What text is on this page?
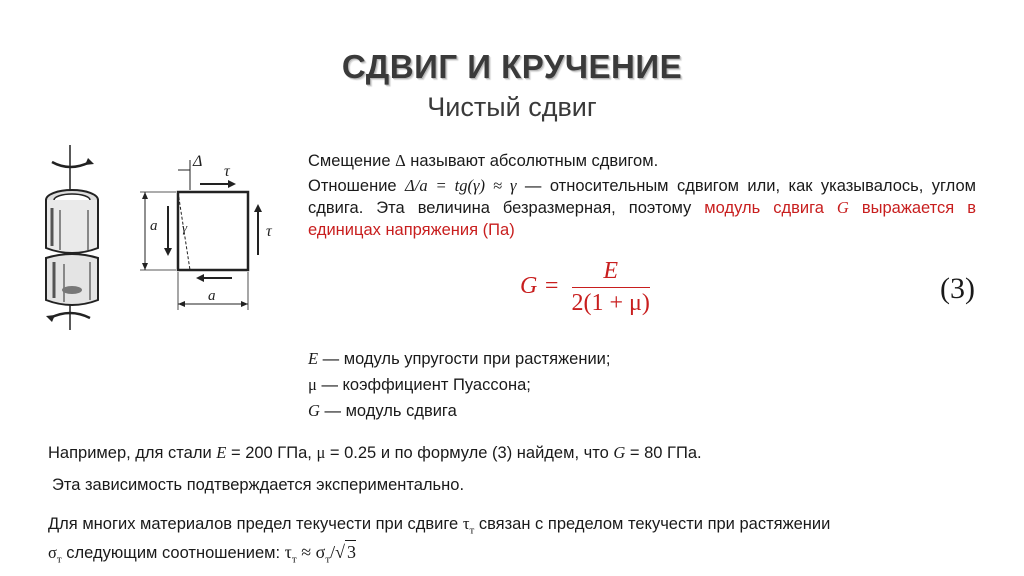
СДВИГ И КРУЧЕНИЕ
Чистый сдвиг
Δ
τ
τ
a
a
γ
Смещение Δ называют абсолютным сдвигом.
Отношение Δ/a = tg(γ) ≈ γ — относительным сдвигом или, как указывалось, углом сдвига. Эта величина безразмерная, поэтому модуль сдвига G выражается в единицах напряжения (Па)
$G = \frac{E}{2(1 + \mu)}$	(3)
E — модуль упругости при растяжении;
μ — коэффициент Пуассона;
G — модуль сдвига
Например, для стали E = 200 ГПа, μ = 0.25 и по формуле (3) найдем, что G = 80 ГПа.
Эта зависимость подтверждается экспериментально.
Для многих материалов предел текучести при сдвиге $\tau_т$ связан с пределом текучести при растяжении
$\sigma_т$ следующим соотношением: $\tau_т \approx \sigma_т/√$ 3
